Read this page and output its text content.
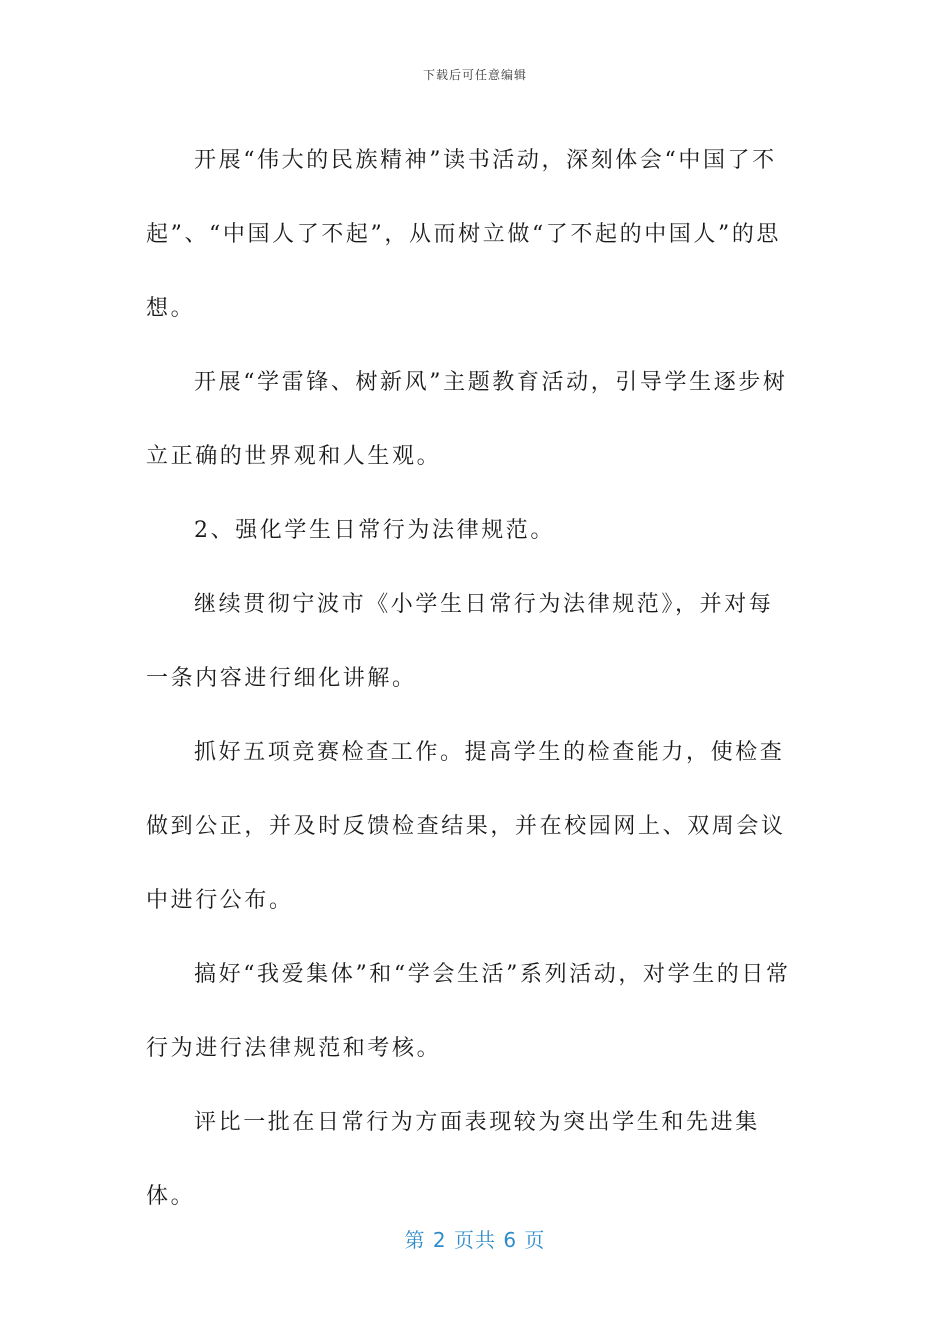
下载后可任意编辑

开展“伟大的民族精神”读书活动，深刻体会“中国了不起”、“中国人了不起”，从而树立做“了不起的中国人”的思想。

开展“学雷锋、树新风”主题教育活动，引导学生逐步树立正确的世界观和人生观。

2、强化学生日常行为法律规范。

继续贯彻宁波市《小学生日常行为法律规范》，并对每一条内容进行细化讲解。

抓好五项竞赛检查工作。提高学生的检查能力，使检查做到公正，并及时反馈检查结果，并在校园网上、双周会议中进行公布。

搞好“我爱集体”和“学会生活”系列活动，对学生的日常行为进行法律规范和考核。

评比一批在日常行为方面表现较为突出学生和先进集体。

第 2 页共 6 页
